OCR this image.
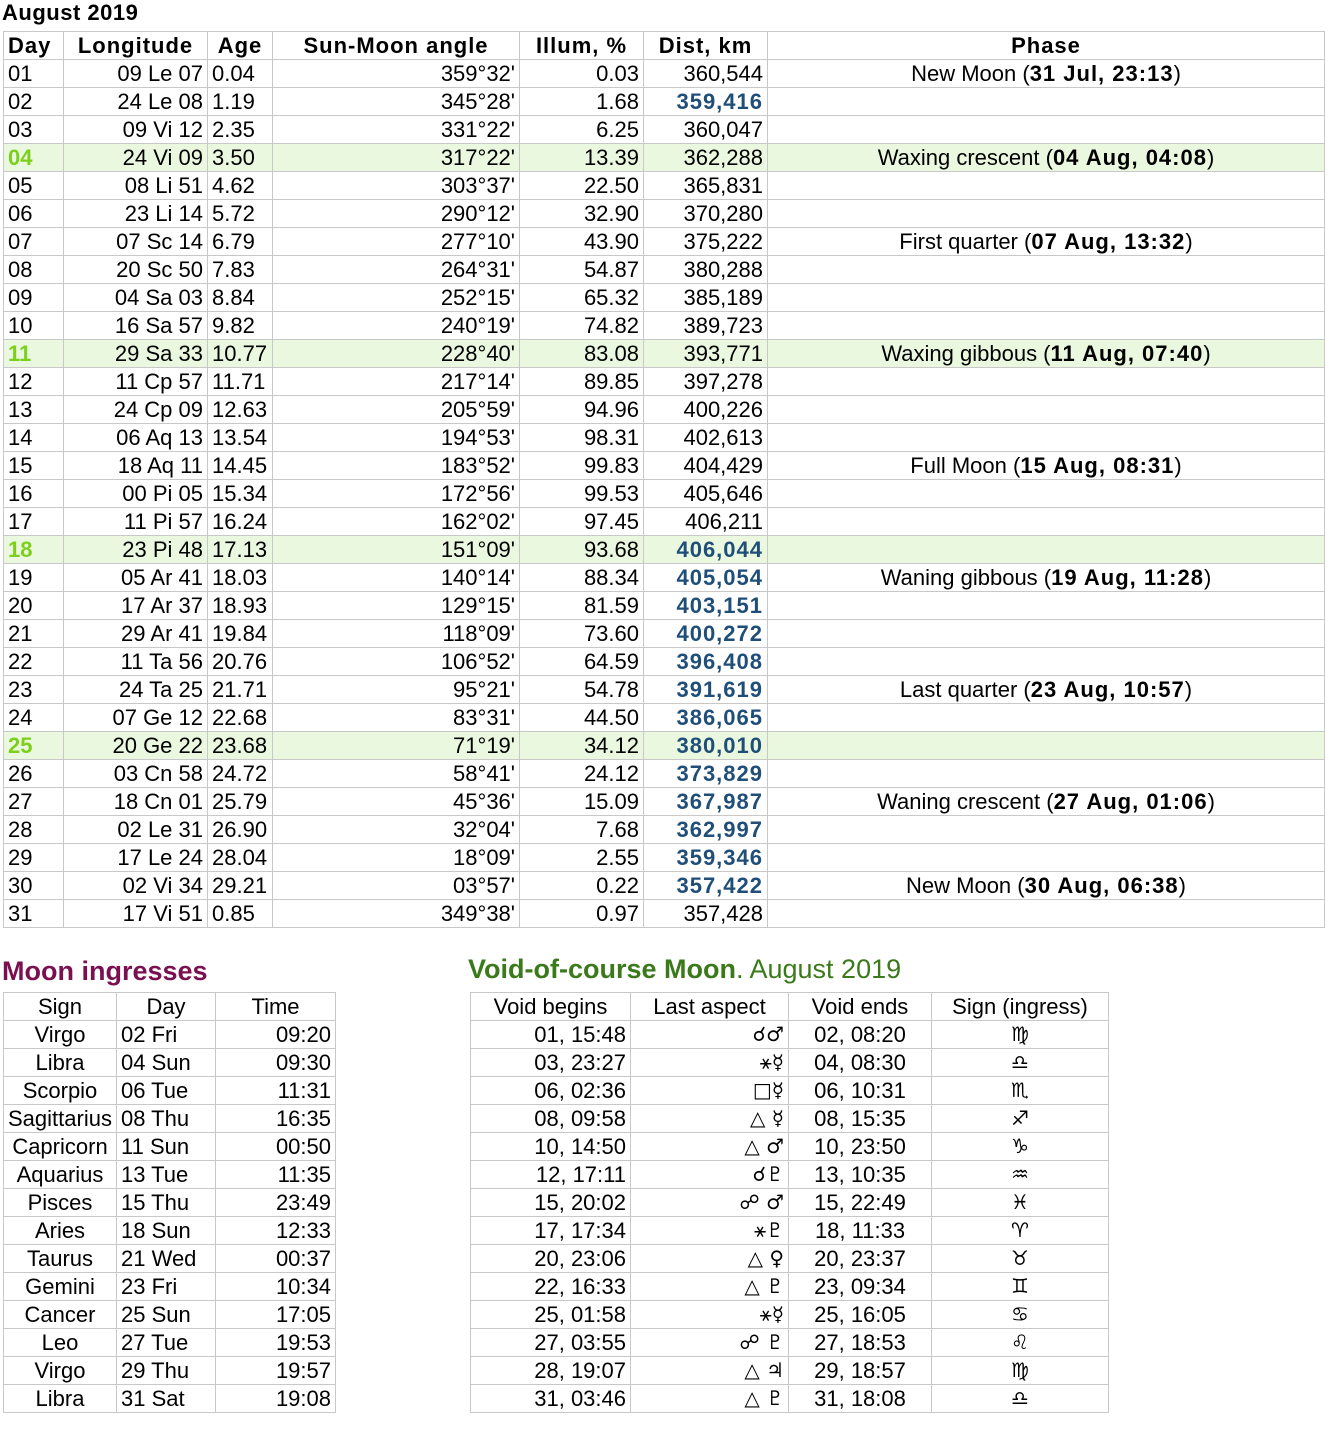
August 2019
Day	Longitude	Age	Sun-Moon angle	Illum, %	Dist, km	Phase
01	09 Le 07	0.04	359°32'	0.03	360,544	New Moon (31 Jul, 23:13)
02	24 Le 08	1.19	345°28'	1.68	359,416	
03	09 Vi 12	2.35	331°22'	6.25	360,047	
04	24 Vi 09	3.50	317°22'	13.39	362,288	Waxing crescent (04 Aug, 04:08)
05	08 Li 51	4.62	303°37'	22.50	365,831	
06	23 Li 14	5.72	290°12'	32.90	370,280	
07	07 Sc 14	6.79	277°10'	43.90	375,222	First quarter (07 Aug, 13:32)
08	20 Sc 50	7.83	264°31'	54.87	380,288	
09	04 Sa 03	8.84	252°15'	65.32	385,189	
10	16 Sa 57	9.82	240°19'	74.82	389,723	
11	29 Sa 33	10.77	228°40'	83.08	393,771	Waxing gibbous (11 Aug, 07:40)
12	11 Cp 57	11.71	217°14'	89.85	397,278	
13	24 Cp 09	12.63	205°59'	94.96	400,226	
14	06 Aq 13	13.54	194°53'	98.31	402,613	
15	18 Aq 11	14.45	183°52'	99.83	404,429	Full Moon (15 Aug, 08:31)
16	00 Pi 05	15.34	172°56'	99.53	405,646	
17	11 Pi 57	16.24	162°02'	97.45	406,211	
18	23 Pi 48	17.13	151°09'	93.68	406,044	
19	05 Ar 41	18.03	140°14'	88.34	405,054	Waning gibbous (19 Aug, 11:28)
20	17 Ar 37	18.93	129°15'	81.59	403,151	
21	29 Ar 41	19.84	118°09'	73.60	400,272	
22	11 Ta 56	20.76	106°52'	64.59	396,408	
23	24 Ta 25	21.71	95°21'	54.78	391,619	Last quarter (23 Aug, 10:57)
24	07 Ge 12	22.68	83°31'	44.50	386,065	
25	20 Ge 22	23.68	71°19'	34.12	380,010	
26	03 Cn 58	24.72	58°41'	24.12	373,829	
27	18 Cn 01	25.79	45°36'	15.09	367,987	Waning crescent (27 Aug, 01:06)
28	02 Le 31	26.90	32°04'	7.68	362,997	
29	17 Le 24	28.04	18°09'	2.55	359,346	
30	02 Vi 34	29.21	03°57'	0.22	357,422	New Moon (30 Aug, 06:38)
31	17 Vi 51	0.85	349°38'	0.97	357,428	
Moon ingresses
Sign	Day	Time
Virgo	02 Fri	09:20
Libra	04 Sun	09:30
Scorpio	06 Tue	11:31
Sagittarius	08 Thu	16:35
Capricorn	11 Sun	00:50
Aquarius	13 Tue	11:35
Pisces	15 Thu	23:49
Aries	18 Sun	12:33
Taurus	21 Wed	00:37
Gemini	23 Fri	10:34
Cancer	25 Sun	17:05
Leo	27 Tue	19:53
Virgo	29 Thu	19:57
Libra	31 Sat	19:08
Void-of-course Moon. August 2019
Void begins	Last aspect	Void ends	Sign (ingress)
01, 15:48	☌♂	02, 08:20	♍
03, 23:27	⚹☿	04, 08:30	♎
06, 02:36	□☿	06, 10:31	♏
08, 09:58	△ ☿	08, 15:35	♐
10, 14:50	△ ♂	10, 23:50	♑
12, 17:11	☌♇	13, 10:35	♒
15, 20:02	☍ ♂	15, 22:49	♓
17, 17:34	⚹♇	18, 11:33	♈
20, 23:06	△ ♀	20, 23:37	♉
22, 16:33	△ ♇	23, 09:34	♊
25, 01:58	⚹☿	25, 16:05	♋
27, 03:55	☍ ♇	27, 18:53	♌
28, 19:07	△ ♃	29, 18:57	♍
31, 03:46	△ ♇	31, 18:08	♎
